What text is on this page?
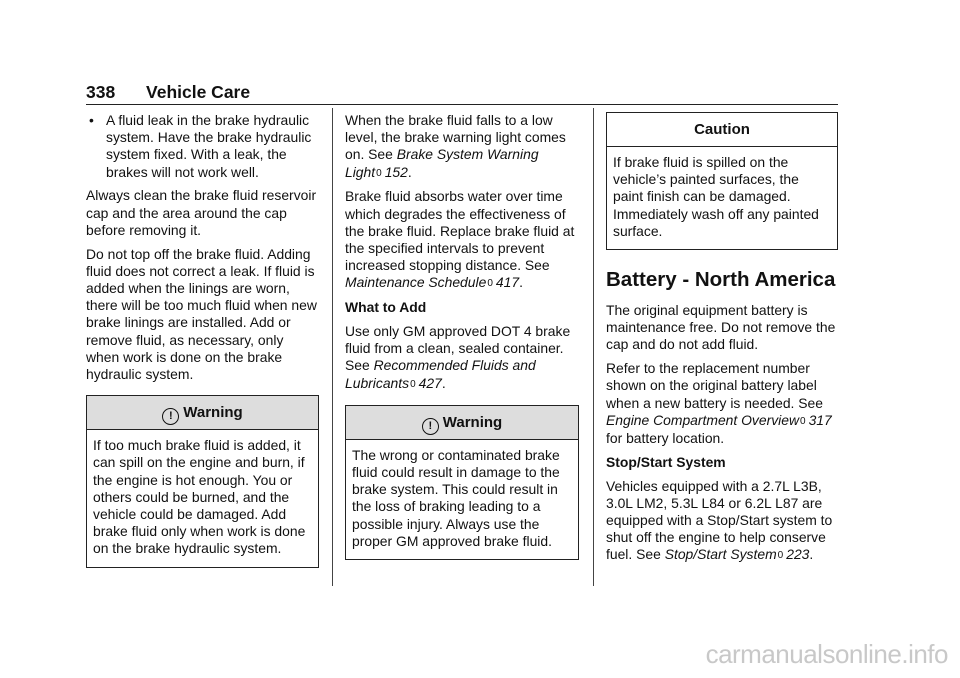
338 Vehicle Care
• A fluid leak in the brake hydraulic system. Have the brake hydraulic system fixed. With a leak, the brakes will not work well.

Always clean the brake fluid reservoir cap and the area around the cap before removing it.

Do not top off the brake fluid. Adding fluid does not correct a leak. If fluid is added when the linings are worn, there will be too much fluid when new brake linings are installed. Add or remove fluid, as necessary, only when work is done on the brake hydraulic system.

! Warning
If too much brake fluid is added, it can spill on the engine and burn, if the engine is hot enough. You or others could be burned, and the vehicle could be damaged. Add brake fluid only when work is done on the brake hydraulic system.

When the brake fluid falls to a low level, the brake warning light comes on. See Brake System Warning Light0 152.

Brake fluid absorbs water over time which degrades the effectiveness of the brake fluid. Replace brake fluid at the specified intervals to prevent increased stopping distance. See Maintenance Schedule0 417.

What to Add

Use only GM approved DOT 4 brake fluid from a clean, sealed container. See Recommended Fluids and Lubricants0 427.

! Warning
The wrong or contaminated brake fluid could result in damage to the brake system. This could result in the loss of braking leading to a possible injury. Always use the proper GM approved brake fluid.
Caution
If brake fluid is spilled on the vehicle’s painted surfaces, the paint finish can be damaged. Immediately wash off any painted surface.
Battery - North America

The original equipment battery is maintenance free. Do not remove the cap and do not add fluid.

Refer to the replacement number shown on the original battery label when a new battery is needed. See Engine Compartment Overview0 317 for battery location.

Stop/Start System

Vehicles equipped with a 2.7L L3B, 3.0L LM2, 5.3L L84 or 6.2L L87 are equipped with a Stop/Start system to shut off the engine to help conserve fuel. See Stop/Start System0 223.

carmanualsonline.info
